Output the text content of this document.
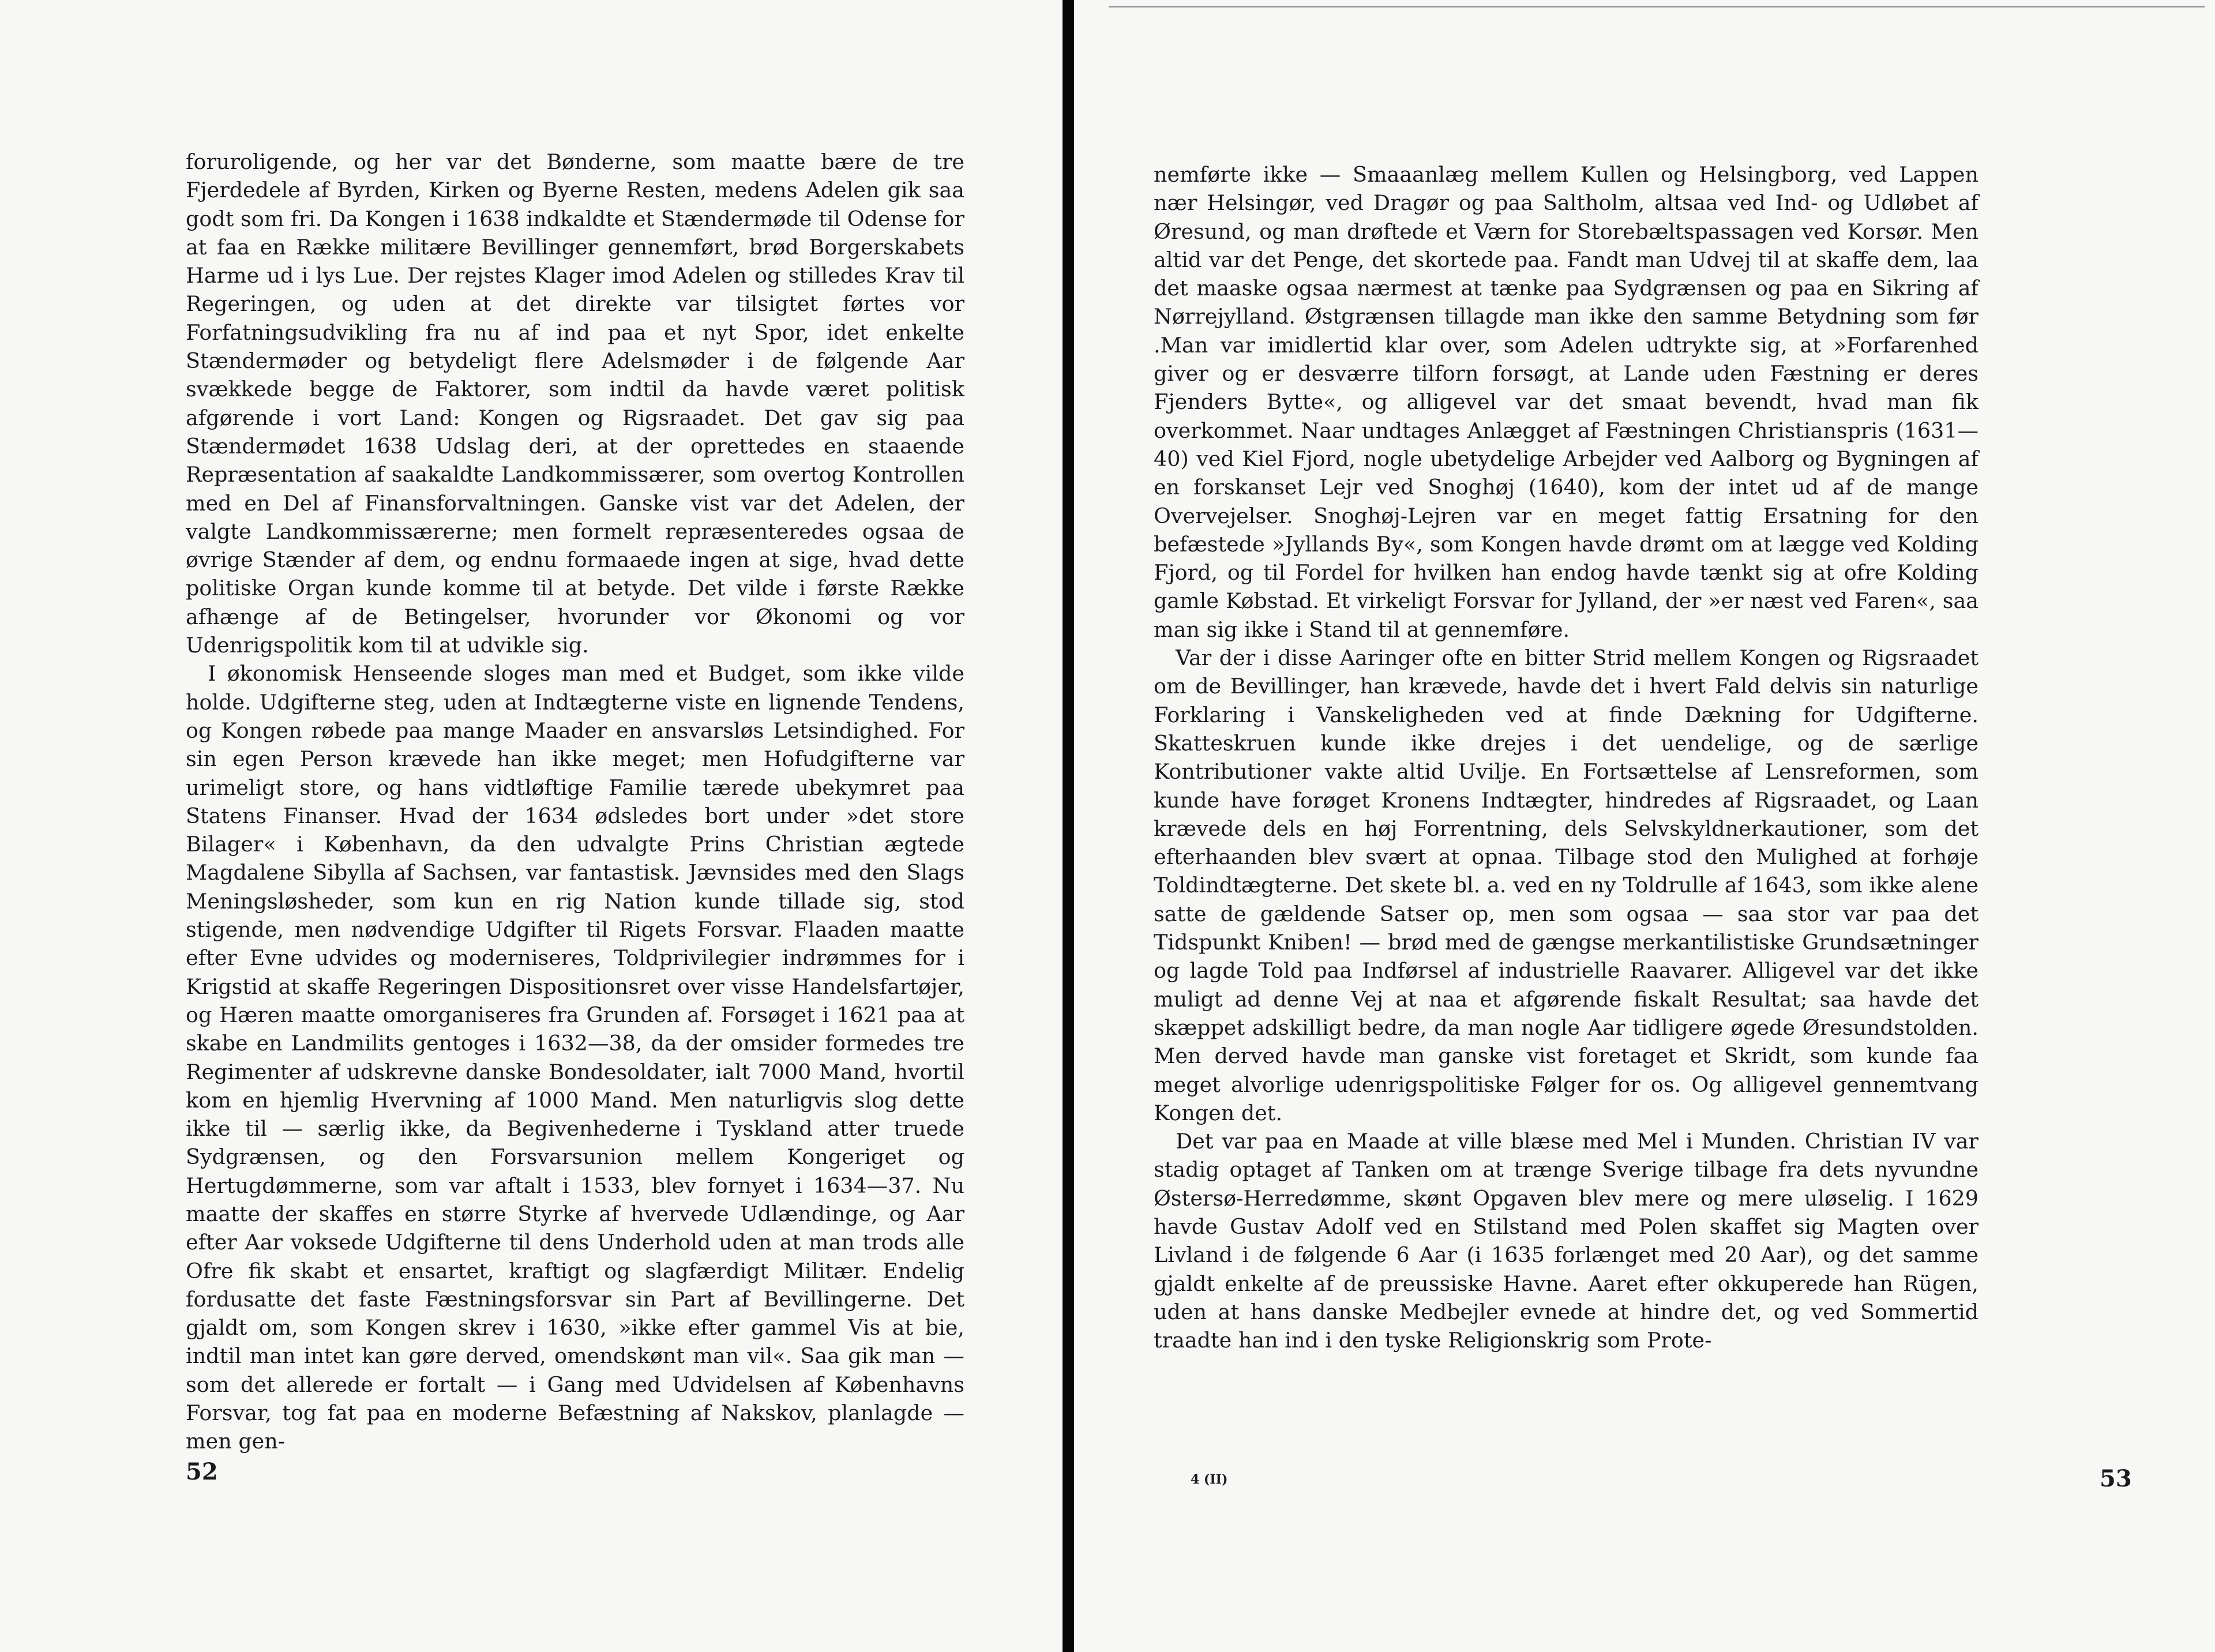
foruroligende, og her var det Bønderne, som maatte bære de tre Fjerdedele af Byrden, Kirken og Byerne Resten, medens Adelen gik saa godt som fri. Da Kongen i 1638 indkaldte et Stændermøde til Odense for at faa en Række militære Bevillinger gennemført, brød Borgerskabets Harme ud i lys Lue. Der rejstes Klager imod Adelen og stilledes Krav til Regeringen, og uden at det direkte var tilsigtet førtes vor Forfatningsudvikling fra nu af ind paa et nyt Spor, idet enkelte Stændermøder og betydeligt flere Adelsmøder i de følgende Aar svækkede begge de Faktorer, som indtil da havde været politisk afgørende i vort Land: Kongen og Rigsraadet. Det gav sig paa Stændermødet 1638 Udslag deri, at der oprettedes en staaende Repræsentation af saakaldte Landkommissærer, som overtog Kontrollen med en Del af Finansforvaltningen. Ganske vist var det Adelen, der valgte Landkommissærerne; men formelt repræsenteredes ogsaa de øvrige Stænder af dem, og endnu formaaede ingen at sige, hvad dette politiske Organ kunde komme til at betyde. Det vilde i første Række afhænge af de Betingelser, hvorunder vor Økonomi og vor Udenrigspolitik kom til at udvikle sig.

I økonomisk Henseende sloges man med et Budget, som ikke vilde holde. Udgifterne steg, uden at Indtægterne viste en lignende Tendens, og Kongen røbede paa mange Maader en ansvarsløs Letsindighed. For sin egen Person krævede han ikke meget; men Hofudgifterne var urimeligt store, og hans vidtløftige Familie tærede ubekymret paa Statens Finanser. Hvad der 1634 ødsledes bort under »det store Bilager« i København, da den udvalgte Prins Christian ægtede Magdalene Sibylla af Sachsen, var fantastisk. Jævnsides med den Slags Meningsløsheder, som kun en rig Nation kunde tillade sig, stod stigende, men nødvendige Udgifter til Rigets Forsvar. Flaaden maatte efter Evne udvides og moderniseres, Toldprivilegier indrømmes for i Krigstid at skaffe Regeringen Dispositionsret over visse Handelsfartøjer, og Hæren maatte omorganiseres fra Grunden af. Forsøget i 1621 paa at skabe en Landmilits gentoges i 1632—38, da der omsider formedes tre Regimenter af udskrevne danske Bondesoldater, ialt 7000 Mand, hvortil kom en hjemlig Hvervning af 1000 Mand. Men naturligvis slog dette ikke til — særlig ikke, da Begivenhederne i Tyskland atter truede Sydgrænsen, og den Forsvarsunion mellem Kongeriget og Hertugdømmerne, som var aftalt i 1533, blev fornyet i 1634—37. Nu maatte der skaffes en større Styrke af hvervede Udlændinge, og Aar efter Aar voksede Udgifterne til dens Underhold uden at man trods alle Ofre fik skabt et ensartet, kraftigt og slagfærdigt Militær. Endelig fordusatte det faste Fæstningsforsvar sin Part af Bevillingerne. Det gjaldt om, som Kongen skrev i 1630, »ikke efter gammel Vis at bie, indtil man intet kan gøre derved, omendskønt man vil«. Saa gik man — som det allerede er fortalt — i Gang med Udvidelsen af Københavns Forsvar, tog fat paa en moderne Befæstning af Nakskov, planlagde — men gen-

52

nemførte ikke — Smaaanlæg mellem Kullen og Helsingborg, ved Lappen nær Helsingør, ved Dragør og paa Saltholm, altsaa ved Ind- og Udløbet af Øresund, og man drøftede et Værn for Storebæltspassagen ved Korsør. Men altid var det Penge, det skortede paa. Fandt man Udvej til at skaffe dem, laa det maaske ogsaa nærmest at tænke paa Sydgrænsen og paa en Sikring af Nørrejylland. Østgrænsen tillagde man ikke den samme Betydning som før .Man var imidlertid klar over, som Adelen udtrykte sig, at »Forfarenhed giver og er desværre tilforn forsøgt, at Lande uden Fæstning er deres Fjenders Bytte«, og alligevel var det smaat bevendt, hvad man fik overkommet. Naar undtages Anlægget af Fæstningen Christianspris (1631—40) ved Kiel Fjord, nogle ubetydelige Arbejder ved Aalborg og Bygningen af en forskanset Lejr ved Snoghøj (1640), kom der intet ud af de mange Overvejelser. Snoghøj-Lejren var en meget fattig Ersatning for den befæstede »Jyllands By«, som Kongen havde drømt om at lægge ved Kolding Fjord, og til Fordel for hvilken han endog havde tænkt sig at ofre Kolding gamle Købstad. Et virkeligt Forsvar for Jylland, der »er næst ved Faren«, saa man sig ikke i Stand til at gennemføre.

Var der i disse Aaringer ofte en bitter Strid mellem Kongen og Rigsraadet om de Bevillinger, han krævede, havde det i hvert Fald delvis sin naturlige Forklaring i Vanskeligheden ved at finde Dækning for Udgifterne. Skatteskruen kunde ikke drejes i det uendelige, og de særlige Kontributioner vakte altid Uvilje. En Fortsættelse af Lensreformen, som kunde have forøget Kronens Indtægter, hindredes af Rigsraadet, og Laan krævede dels en høj Forrentning, dels Selvskyldnerkautioner, som det efterhaanden blev svært at opnaa. Tilbage stod den Mulighed at forhøje Toldindtægterne. Det skete bl. a. ved en ny Toldrulle af 1643, som ikke alene satte de gældende Satser op, men som ogsaa — saa stor var paa det Tidspunkt Kniben! — brød med de gængse merkantilistiske Grundsætninger og lagde Told paa Indførsel af industrielle Raavarer. Alligevel var det ikke muligt ad denne Vej at naa et afgørende fiskalt Resultat; saa havde det skæppet adskilligt bedre, da man nogle Aar tidligere øgede Øresundstolden. Men derved havde man ganske vist foretaget et Skridt, som kunde faa meget alvorlige udenrigspolitiske Følger for os. Og alligevel gennemtvang Kongen det.

Det var paa en Maade at ville blæse med Mel i Munden. Christian IV var stadig optaget af Tanken om at trænge Sverige tilbage fra dets nyvundne Østersø-Herredømme, skønt Opgaven blev mere og mere uløselig. I 1629 havde Gustav Adolf ved en Stilstand med Polen skaffet sig Magten over Livland i de følgende 6 Aar (i 1635 forlænget med 20 Aar), og det samme gjaldt enkelte af de preussiske Havne. Aaret efter okkuperede han Rügen, uden at hans danske Medbejler evnede at hindre det, og ved Sommertid traadte han ind i den tyske Religionskrig som Prote-

4 (II)	53
